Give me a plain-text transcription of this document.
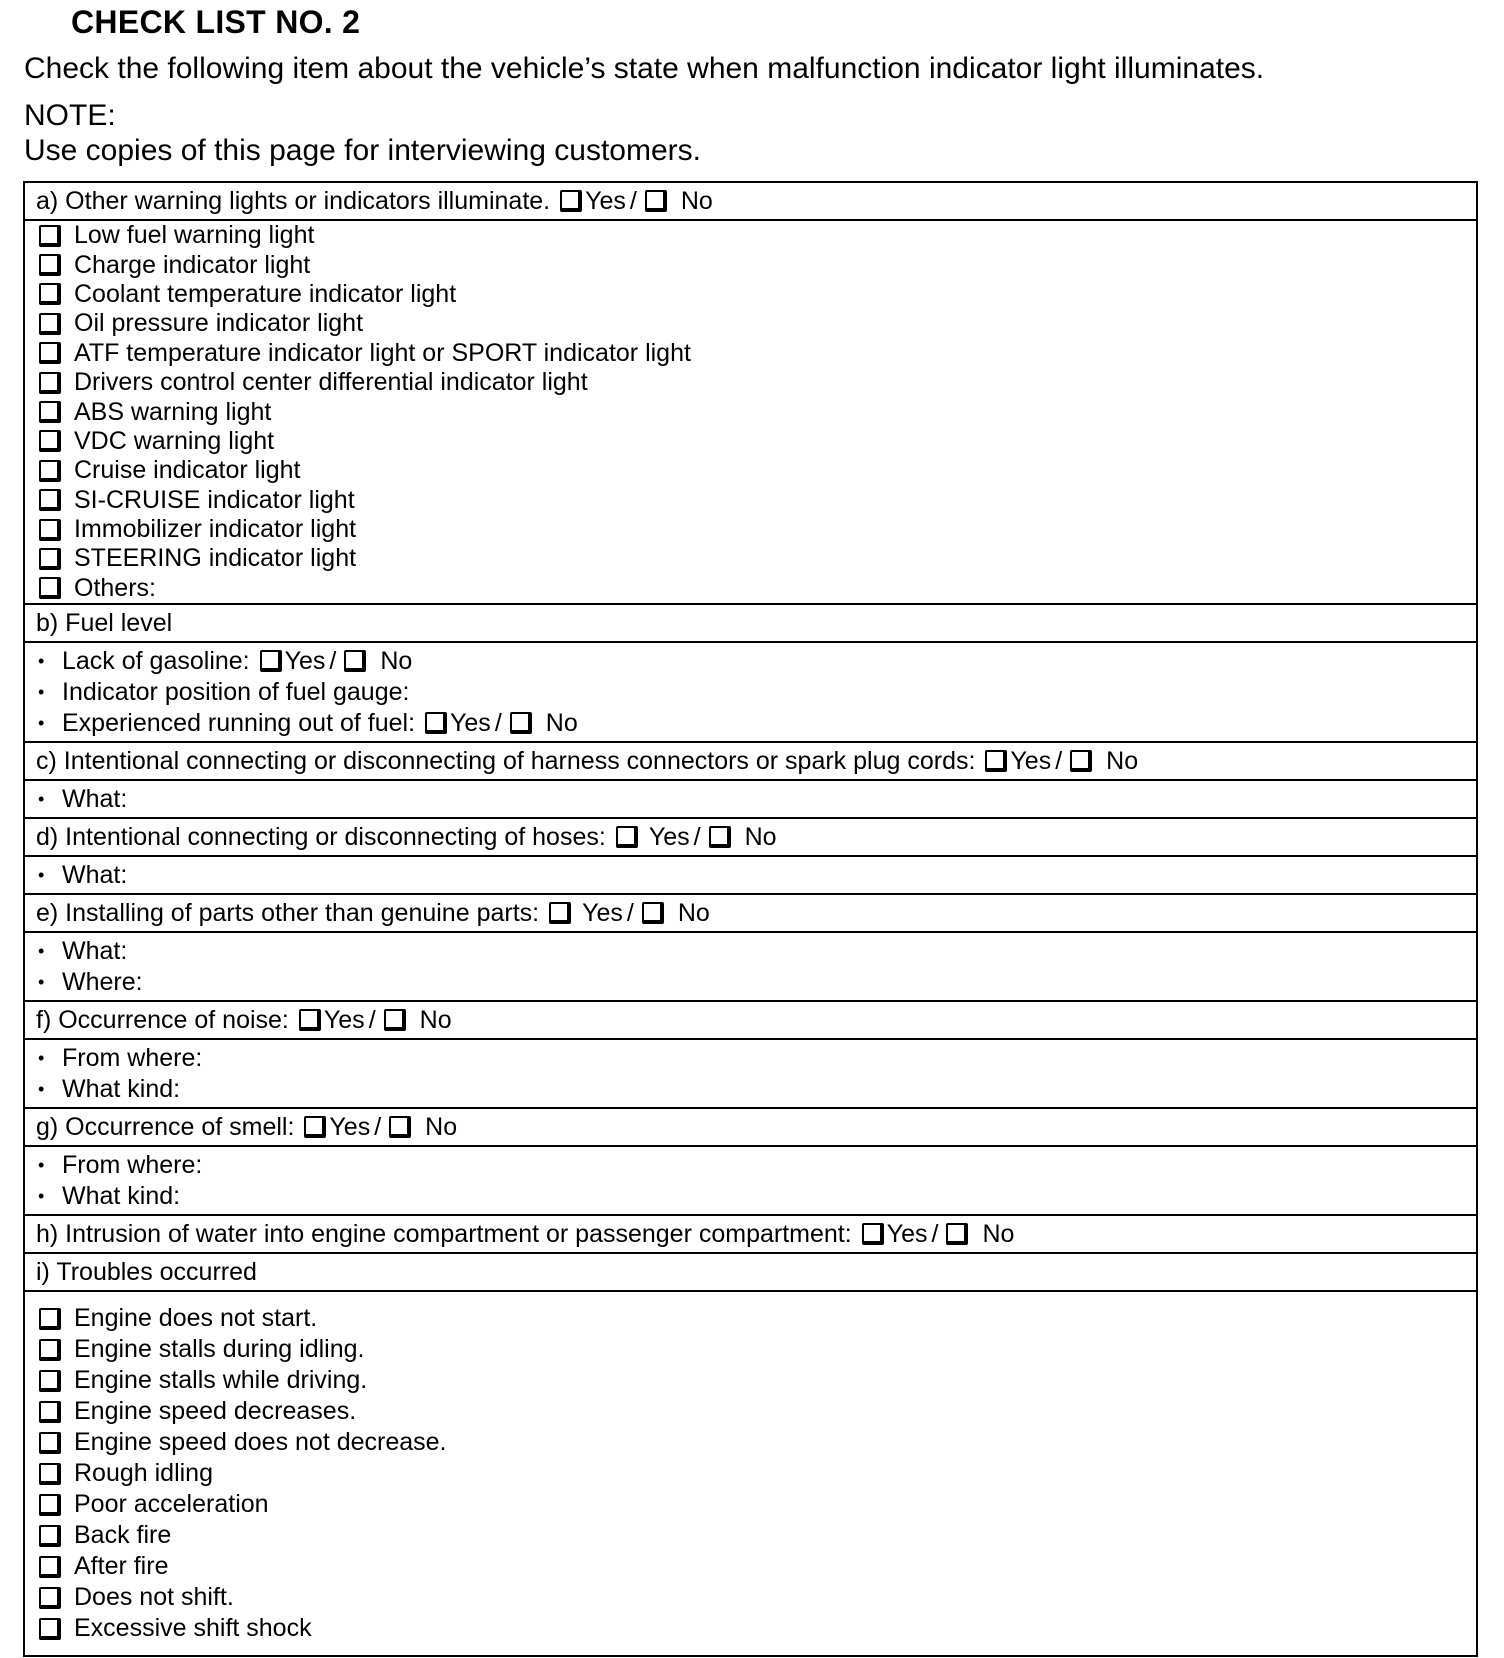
CHECK LIST NO. 2
Check the following item about the vehicle’s state when malfunction indicator light illuminates.
NOTE:
Use copies of this page for interviewing customers.
a) Other warning lights or indicators illuminate. Yes / No
Low fuel warning light
Charge indicator light
Coolant temperature indicator light
Oil pressure indicator light
ATF temperature indicator light or SPORT indicator light
Drivers control center differential indicator light
ABS warning light
VDC warning light
Cruise indicator light
SI-CRUISE indicator light
Immobilizer indicator light
STEERING indicator light
Others:
b) Fuel level
• Lack of gasoline: Yes / No
• Indicator position of fuel gauge:
• Experienced running out of fuel: Yes / No
c) Intentional connecting or disconnecting of harness connectors or spark plug cords: Yes / No
• What:
d) Intentional connecting or disconnecting of hoses: Yes / No
• What:
e) Installing of parts other than genuine parts: Yes / No
• What:
• Where:
f) Occurrence of noise: Yes / No
• From where:
• What kind:
g) Occurrence of smell: Yes / No
• From where:
• What kind:
h) Intrusion of water into engine compartment or passenger compartment: Yes / No
i) Troubles occurred
Engine does not start.
Engine stalls during idling.
Engine stalls while driving.
Engine speed decreases.
Engine speed does not decrease.
Rough idling
Poor acceleration
Back fire
After fire
Does not shift.
Excessive shift shock
